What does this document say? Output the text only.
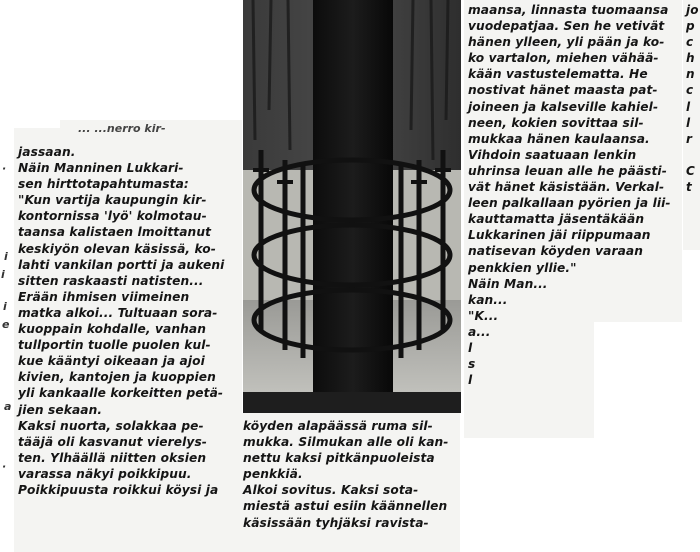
... ...nerro kir-
jassaan.
Näin Manninen Lukkari-
sen hirttotapahtumasta:
"Kun vartija kaupungin kir-
kontornissa 'lyö' kolmotau-
taansa kalistaen lmoittanut
keskiyön olevan käsissä, ko-
lahti vankilan portti ja aukeni
sitten raskaasti natisten...
Erään ihmisen viimeinen
matka alkoi... Tultuaan sora-
kuoppain kohdalle, vanhan
tullportin tuolle puolen kul-
kue kääntyi oikeaan ja ajoi
kivien, kantojen ja kuoppien
yli kankaalle korkeitten petä-
jien sekaan.
Kaksi nuorta, solakkaa pe-
tääjä oli kasvanut vierelys-
ten. Ylhäällä niitten oksien
varassa näkyi poikkipuu.
Poikkipuusta roikkui köysi ja
·
i
i
i
e
a
·
köyden alapäässä ruma sil-
mukka. Silmukan alle oli kan-
nettu kaksi pitkänpuoleista
penkkiä.
Alkoi sovitus. Kaksi sota-
miestä astui esiin käännellen
käsissään tyhjäksi ravista-
maansa, linnasta tuomaansa
vuodepatjaa. Sen he vetivät
hänen ylleen, yli pään ja ko-
ko vartalon, miehen vähää-
kään vastustelematta. He
nostivat hänet maasta pat-
joineen ja kalseville kahiel-
neen, kokien sovittaa sil-
mukkaa hänen kaulaansa.
Vihdoin saatuaan lenkin
uhrinsa leuan alle he päästi-
vät hänet käsistään. Verkal-
leen palkallaan pyörien ja lii-
kauttamatta jäsentäkään
Lukkarinen jäi riippumaan
natisevan köyden varaan
penkkien yllie."
Näin Man...
kan...
"K...
a...
l
s
l
jo
p
c
h
n
c
l
l
r
C
t
